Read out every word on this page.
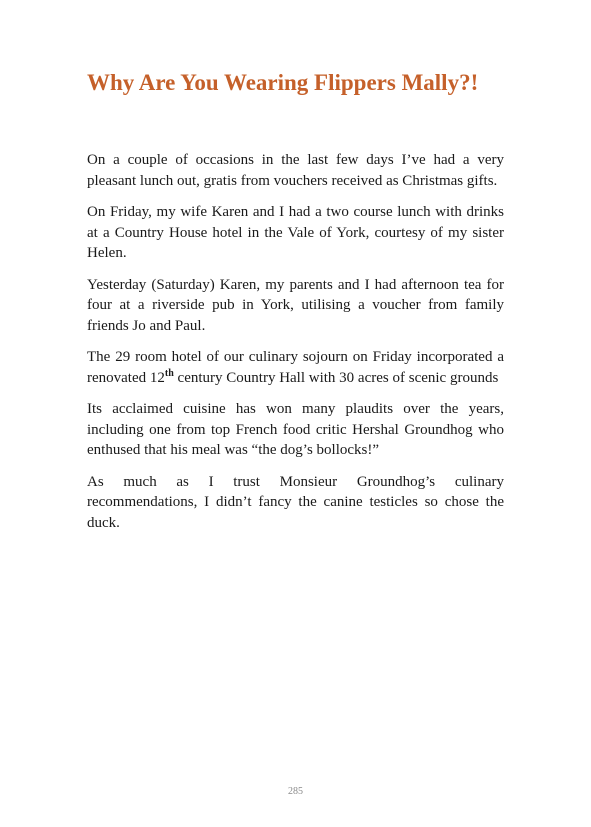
Why Are You Wearing Flippers Mally?!

On a couple of occasions in the last few days I’ve had a very pleasant lunch out, gratis from vouchers received as Christmas gifts.

On Friday, my wife Karen and I had a two course lunch with drinks at a Country House hotel in the Vale of York, courtesy of my sister Helen.

Yesterday (Saturday) Karen, my parents and I had afternoon tea for four at a riverside pub in York, utilising a voucher from family friends Jo and Paul.

The 29 room hotel of our culinary sojourn on Friday incorporated a renovated 12th century Country Hall with 30 acres of scenic grounds

Its acclaimed cuisine has won many plaudits over the years, including one from top French food critic Hershal Groundhog who enthused that his meal was “the dog’s bollocks!”

As much as I trust Monsieur Groundhog’s culinary recommendations, I didn’t fancy the canine testicles so chose the duck.

285
